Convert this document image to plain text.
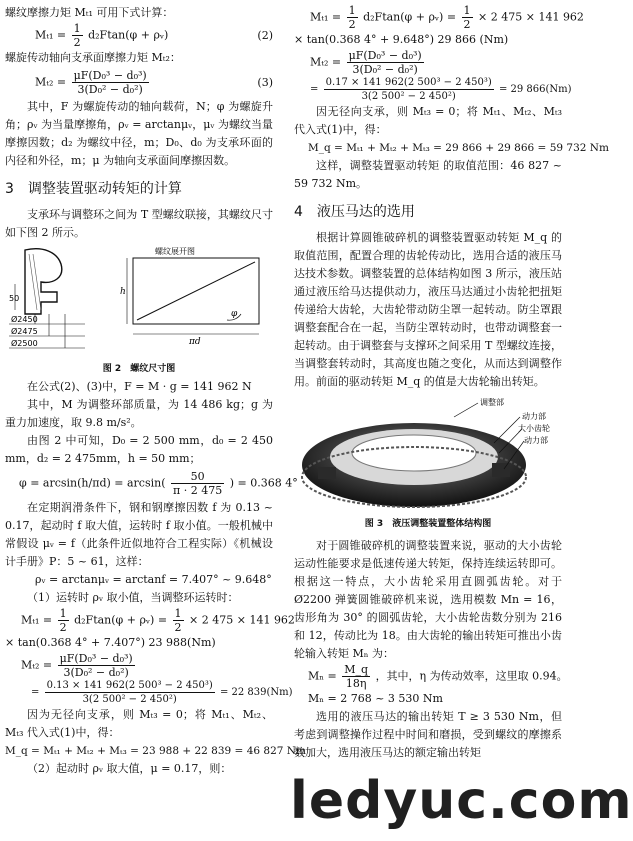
螺纹摩擦力矩 Mₜ₁ 可用下式计算：

$M_{t1} = \frac{1}{2} d_2Ftan(\varphi$ + ρᵥ)	(2)

螺旋传动轴向支承面摩擦力矩 Mₜ₂：

$M_{t2} = \frac{\text{μF(D₀³ − d₀³)}}{\text{3(D₀² − d₀²)}}$	(3)

其中，F 为螺旋传动的轴向载荷，N；φ 为螺旋升角；ρᵥ 为当量摩擦角，ρᵥ = arctanμᵥ，μᵥ 为螺纹当量摩擦因数；d₂ 为螺纹中径，m；D₀、d₀ 为支承环面的内径和外径，m；μ 为轴向支承面间摩擦因数。

3　调整装置驱动转矩的计算

支承环与调整环之间为 T 型螺纹联接，其螺纹尺寸如下图 2 所示。

50
Ø2450
Ø2475
Ø2500
螺纹展开图
h
φ
πd
图 2　螺纹尺寸图

在公式(2)、(3)中，F = M · g = 141 962 N

其中，M 为调整环部质量，为 14 486 kg；g 为重力加速度，取 9.8 m/s²。

由图 2 中可知，D₀ = 2 500 mm，d₀ = 2 450 mm，d₂ = 2 475mm，h = 50 mm；

$\varphi = \arcsin(h/\pi d) = \arcsin( \frac{50}{\pi \cdot 2 475}$ ) = 0.368 4°

在定期润滑条件下，钢和钢摩擦因数 f 为 0.13 ~ 0.17，起动时 f 取大值，运转时 f 取小值。一般机械中常假设 μᵥ = f（此条件近似地符合工程实际）《机械设计手册》P：5 ~ 61，这样：

ρᵥ = arctanμᵥ = arctanf = 7.407° ~ 9.648°

（1）运转时 ρᵥ 取小值，当调整环运转时：

$M_{t1} = \frac{1}{2} d_2Ftan(\varphi$ + ρᵥ) = $\frac{1}{2} \times 2$ 475 × 141 962
× tan(0.368 4° + 7.407°) 23 988(Nm)
$M_{t2} = \frac{\text{μF(D₀³ − d₀³)}}{\text{3(D₀² − d₀²)}}$
= $\frac{\text{0.13 × 141 962(2 500³ − 2 450³)}}{\text{3(2 500² − 2 450²)}} = 22$ 839(Nm)

因为无径向支承，则 Mₜ₃ = 0；将 Mₜ₁、Mₜ₂、Mₜ₃ 代入式(1)中，得：

M_q = Mₜ₁ + Mₜ₂ + Mₜ₃ = 23 988 + 22 839 = 46 827 Nm

（2）起动时 ρᵥ 取大值，μ = 0.17，则：

$M_{t1} = \frac{1}{2} d_2Ftan(\varphi$ + ρᵥ) = $\frac{1}{2} \times 2$ 475 × 141 962
× tan(0.368 4° + 9.648°) 29 866 (Nm)
$M_{t2} = \frac{\text{μF(D₀³ − d₀³)}}{\text{3(D₀² − d₀²)}}$
= $\frac{\text{0.17 × 141 962(2 500³ − 2 450³)}}{\text{3(2 500² − 2 450²)}} = 29$ 866(Nm)

因无径向支承，则 Mₜ₃ = 0；将 Mₜ₁、Mₜ₂、Mₜ₃ 代入式(1)中，得：

M_q = Mₜ₁ + Mₜ₂ + Mₜ₃ = 29 866 + 29 866 = 59 732 Nm

这样，调整装置驱动转矩 的取值范围：46 827 ~ 59 732 Nm。

4　液压马达的选用

根据计算圆锥破碎机的调整装置驱动转矩 M_q 的取值范围，配置合理的齿轮传动比，选用合适的液压马达技术参数。调整装置的总体结构如图 3 所示，液压站通过液压给马达提供动力，液压马达通过小齿轮把扭矩传递给大齿轮，大齿轮带动防尘罩一起转动。防尘罩跟调整套配合在一起，当防尘罩转动时，也带动调整套一起转动。由于调整套与支撑环之间采用 T 型螺纹连接，当调整套转动时，其高度也随之变化，从而达到调整作用。前面的驱动转矩 M_q 的值是大齿轮输出转矩。

调整部
动力部
大小齿轮
动力部
图 3　液压调整装置整体结构图

对于圆锥破碎机的调整装置来说，驱动的大小齿轮运动性能要求是低速传递大转矩，保持连续运转即可。根据这一特点，大小齿轮采用直圆弧齿轮。对于 Ø2200 弹簧圆锥破碎机来说，选用模数 Mn = 16，齿形角为 30° 的圆弧齿轮，大小齿轮齿数分别为 216 和 12，传动比为 18。由大齿轮的输出转矩可推出小齿轮输入转矩 Mₙ 为：

$M_n = \frac{M\_q}{18\eta}$ ，其中，η 为传动效率，这里取 0.94。
Mₙ = 2 768 ~ 3 530 Nm

选用的液压马达的输出转矩 T ≥ 3 530 Nm，但考虑到调整操作过程中时间和磨损，受到螺纹的摩擦系数加大，选用液压马达的额定输出转矩

ledyuc.com
